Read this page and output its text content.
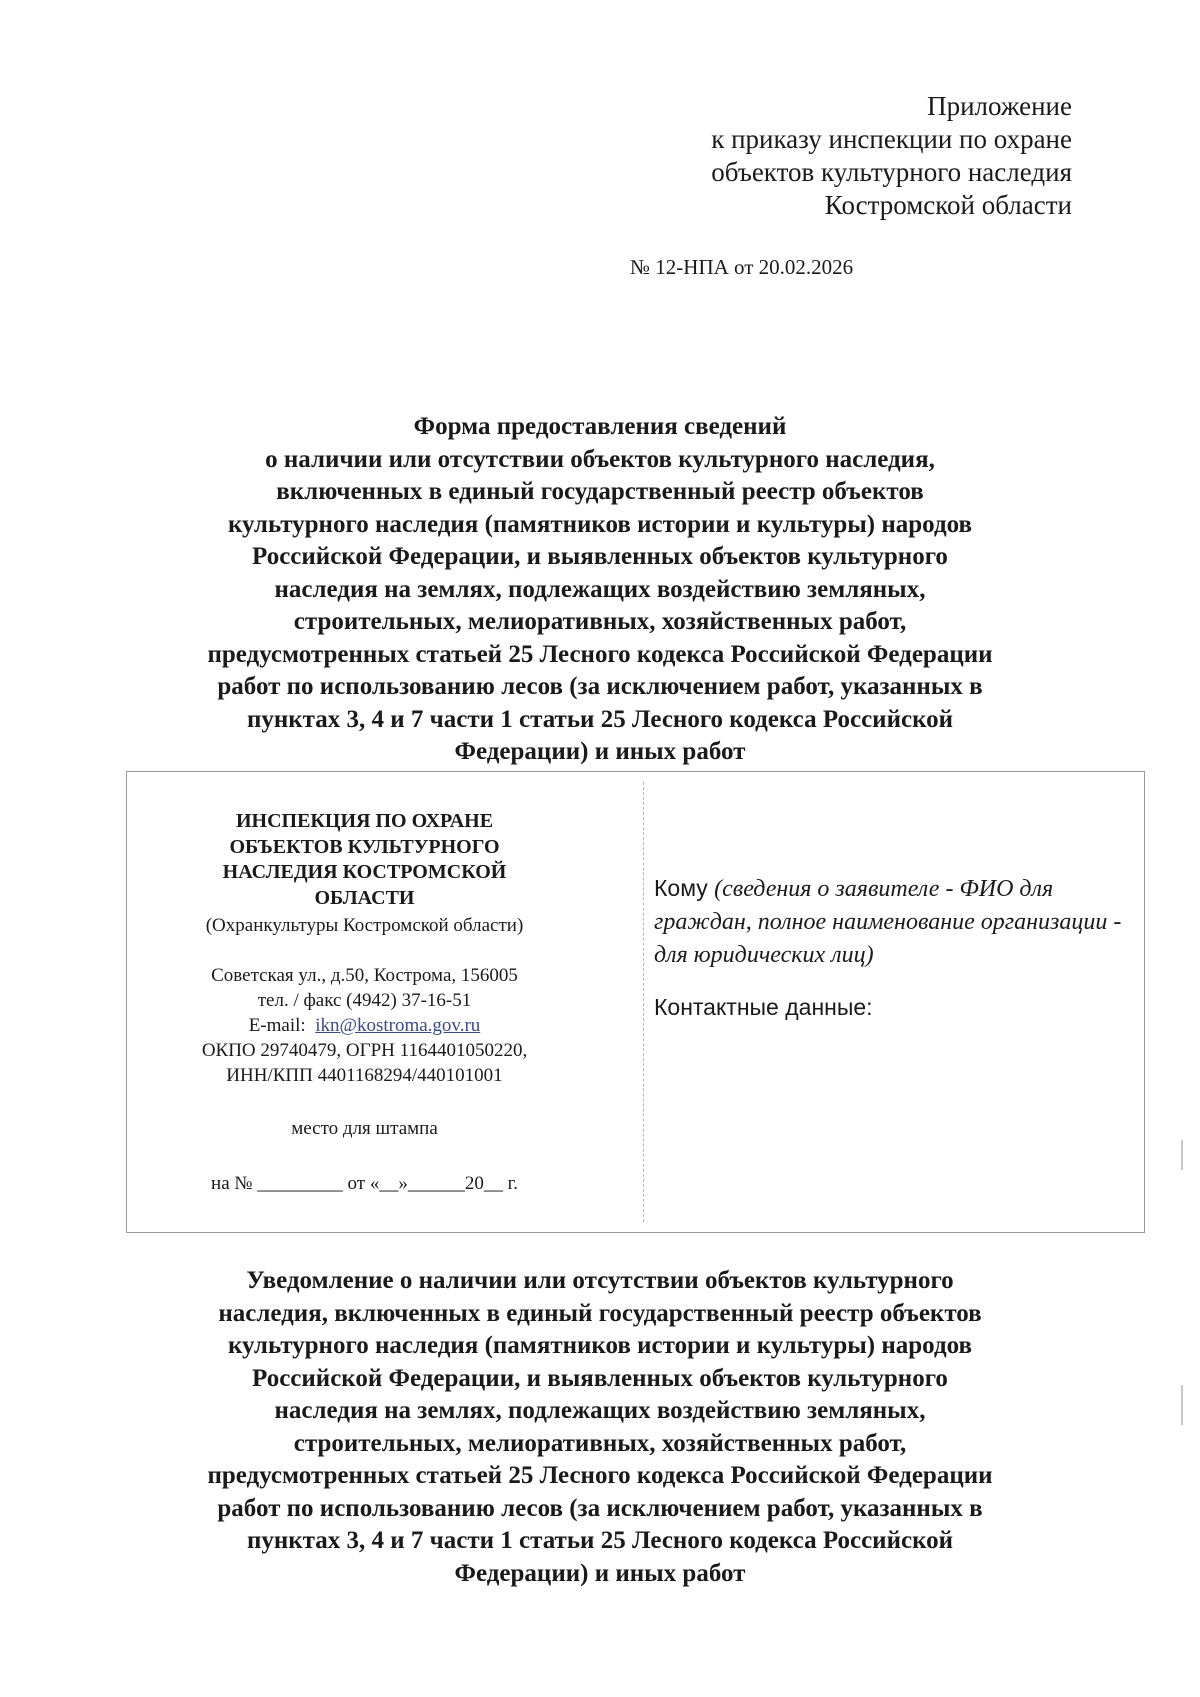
Приложение
к приказу инспекции по охране
объектов культурного наследия
Костромской области
№ 12-НПА от 20.02.2026
Форма предоставления сведений
о наличии или отсутствии объектов культурного наследия,
включенных в единый государственный реестр объектов
культурного наследия (памятников истории и культуры) народов
Российской Федерации, и выявленных объектов культурного
наследия на землях, подлежащих воздействию земляных,
строительных, мелиоративных, хозяйственных работ,
предусмотренных статьей 25 Лесного кодекса Российской Федерации
работ по использованию лесов (за исключением работ, указанных в
пунктах 3, 4 и 7 части 1 статьи 25 Лесного кодекса Российской
Федерации) и иных работ
ИНСПЕКЦИЯ ПО ОХРАНЕ
ОБЪЕКТОВ КУЛЬТУРНОГО
НАСЛЕДИЯ КОСТРОМСКОЙ
ОБЛАСТИ
(Охранкультуры Костромской области)
Советская ул., д.50, Кострома, 156005
тел. / факс (4942) 37-16-51
E-mail: ikn@kostroma.gov.ru
ОКПО 29740479, ОГРН 1164401050220,
ИНН/КПП 4401168294/440101001
место для штампа
на № _________ от «__»______20__ г.
Кому (сведения о заявителе - ФИО для граждан, полное наименование организации - для юридических лиц)
Контактные данные:
Уведомление о наличии или отсутствии объектов культурного
наследия, включенных в единый государственный реестр объектов
культурного наследия (памятников истории и культуры) народов
Российской Федерации, и выявленных объектов культурного
наследия на землях, подлежащих воздействию земляных,
строительных, мелиоративных, хозяйственных работ,
предусмотренных статьей 25 Лесного кодекса Российской Федерации
работ по использованию лесов (за исключением работ, указанных в
пунктах 3, 4 и 7 части 1 статьи 25 Лесного кодекса Российской
Федерации) и иных работ
